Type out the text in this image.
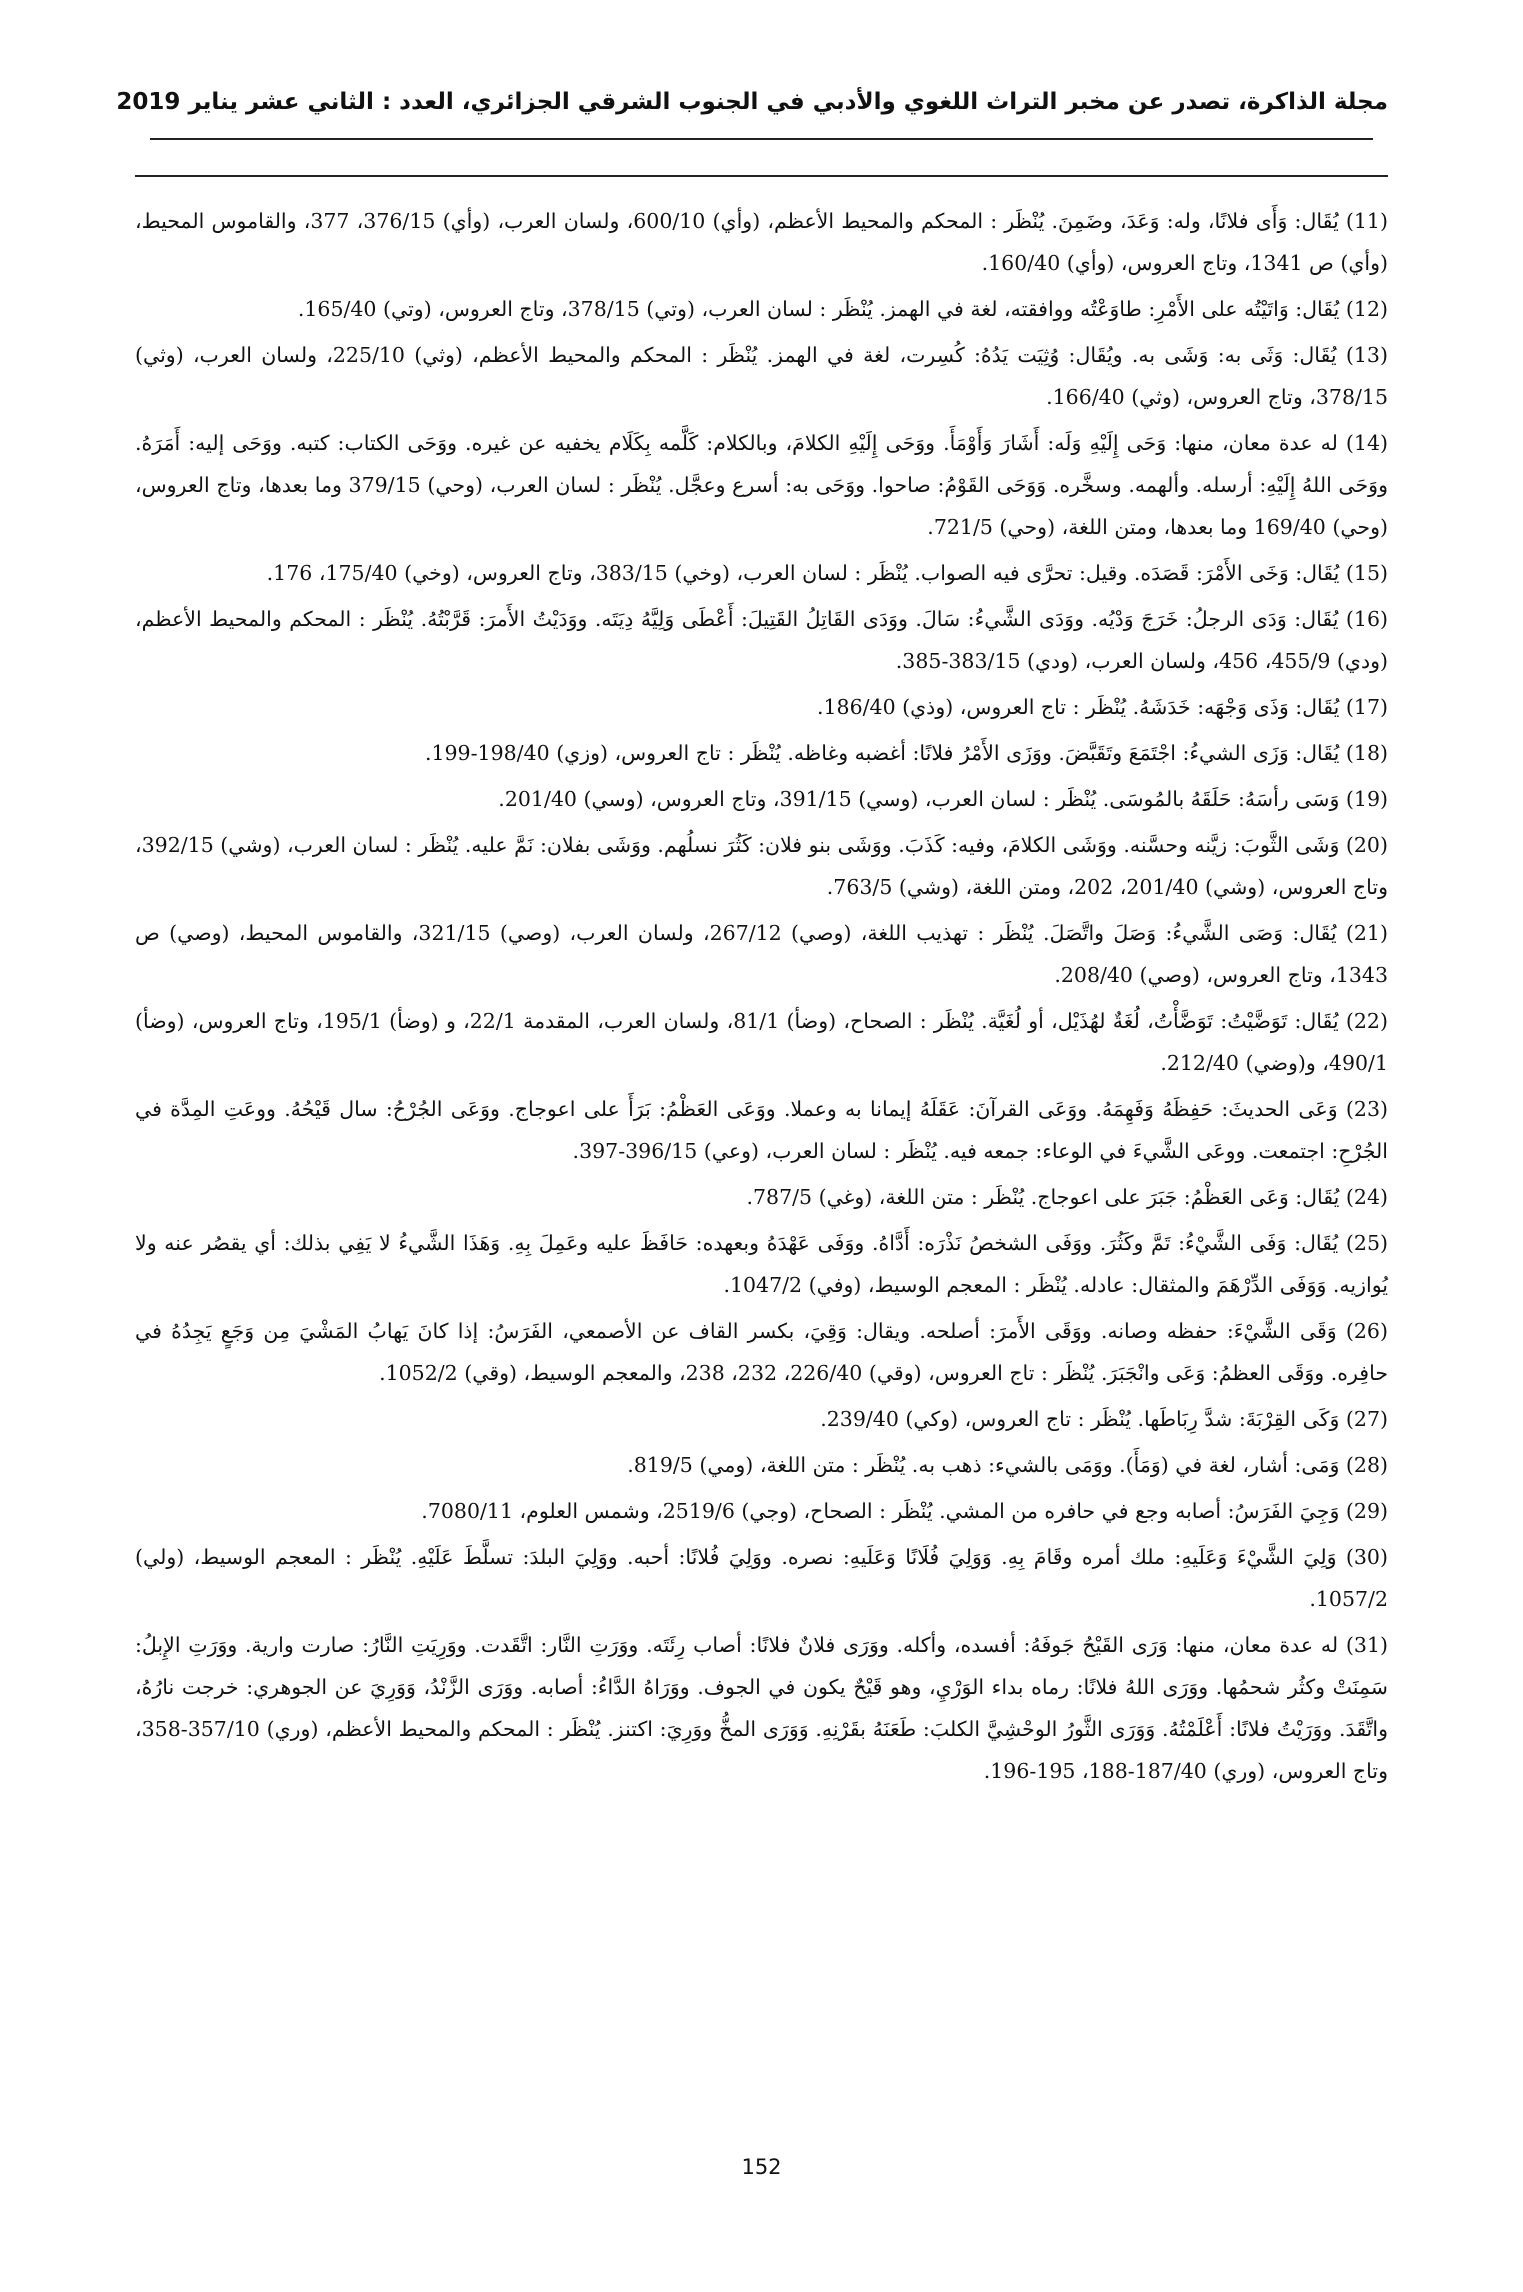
مجلة الذاكرة، تصدر عن مخبر التراث اللغوي والأدبي في الجنوب الشرقي الجزائري، العدد : الثاني عشر يناير 2019

(11) يُقَال: وَأَى فلانًا، وله: وَعَدَ، وضَمِنَ. يُنْظَر : المحكم والمحيط الأعظم، (وأي) 600/10، ولسان العرب، (وأي) 376/15، 377، والقاموس المحيط، (وأي) ص 1341، وتاج العروس، (وأي) 160/40.

(12) يُقَال: وَاتَيْتُه على الأَمْرِ: طاوَعْتُه ووافقته، لغة في الهمز. يُنْظَر : لسان العرب، (وتي) 378/15، وتاج العروس، (وتي) 165/40.

(13) يُقَال: وَثَى به: وَشَى به. ويُقَال: وُثِيَت يَدُهُ: كُسِرت، لغة في الهمز. يُنْظَر : المحكم والمحيط الأعظم، (وثي) 225/10، ولسان العرب، (وثي) 378/15، وتاج العروس، (وثي) 166/40.

(14) له عدة معان، منها: وَحَى إِلَيْهِ وَلَه: أَشَارَ وَأَوْمَأَ. ووَحَى إِلَيْهِ الكلامَ، وبالكلام: كَلَّمه بِكَلَام يخفيه عن غيره. ووَحَى الكتاب: كتبه. ووَحَى إليه: أَمَرَهُ. ووَحَى اللهُ إِلَيْهِ: أرسله. وألهمه. وسخَّره. وَوَحَى القَوْمُ: صاحوا. ووَحَى به: أسرع وعجَّل. يُنْظَر : لسان العرب، (وحي) 379/15 وما بعدها، وتاج العروس، (وحي) 169/40 وما بعدها، ومتن اللغة، (وحي) 721/5.

(15) يُقَال: وَخَى الأَمْرَ: قَصَدَه. وقيل: تحرَّى فيه الصواب. يُنْظَر : لسان العرب، (وخي) 383/15، وتاج العروس، (وخي) 175/40، 176.

(16) يُقَال: وَدَى الرجلُ: خَرَجَ وَدْيُه. ووَدَى الشَّيءُ: سَالَ. ووَدَى القَاتِلُ القَتِيلَ: أَعْطَى وَلِيَّهُ دِيَتَه. ووَدَيْتُ الأَمرَ: قَرَّبْتُهُ. يُنْظَر : المحكم والمحيط الأعظم، (ودي) 455/9، 456، ولسان العرب، (ودي) 383/15-385.

(17) يُقَال: وَذَى وَجْهَه: خَدَشَهُ. يُنْظَر : تاج العروس، (وذي) 186/40.

(18) يُقَال: وَزَى الشيءُ: اجْتَمَعَ وتَقَبَّضَ. ووَزَى الأَمْرُ فلانًا: أغضبه وغاظه. يُنْظَر : تاج العروس، (وزي) 198/40-199.

(19) وَسَى رأسَهُ: حَلَقَهُ بالمُوسَى. يُنْظَر : لسان العرب، (وسي) 391/15، وتاج العروس، (وسي) 201/40.

(20) وَشَى الثَّوبَ: زيَّنه وحسَّنه. ووَشَى الكلامَ، وفيه: كَذَبَ. ووَشَى بنو فلان: كَثُرَ نسلُهم. ووَشَى بفلان: نَمَّ عليه. يُنْظَر : لسان العرب، (وشي) 392/15، وتاج العروس، (وشي) 201/40، 202، ومتن اللغة، (وشي) 763/5.

(21) يُقَال: وَصَى الشَّيءُ: وَصَلَ واتَّصَلَ. يُنْظَر : تهذيب اللغة، (وصي) 267/12، ولسان العرب، (وصي) 321/15، والقاموس المحيط، (وصي) ص 1343، وتاج العروس، (وصي) 208/40.

(22) يُقَال: تَوَضَّيْتُ: تَوَضَّأْتُ، لُغَةٌ لهُذَيْل، أو لُغَيَّة. يُنْظَر : الصحاح، (وضأ) 81/1، ولسان العرب، المقدمة 22/1، و (وضأ) 195/1، وتاج العروس، (وضأ) 490/1، و(وضي) 212/40.

(23) وَعَى الحديثَ: حَفِظَهُ وَفَهِمَهُ. ووَعَى القرآنَ: عَقَلَهُ إيمانا به وعملا. ووَعَى العَظْمُ: بَرَأَ على اعوجاج. ووَعَى الجُرْحُ: سال قَيْحُهُ. ووعَتِ المِدَّة في الجُرْحِ: اجتمعت. ووعَى الشَّيءَ في الوعاء: جمعه فيه. يُنْظَر : لسان العرب، (وعي) 396/15-397.

(24) يُقَال: وَعَى العَظْمُ: جَبَرَ على اعوجاج. يُنْظَر : متن اللغة، (وغي) 787/5.

(25) يُقَال: وَفَى الشَّيْءُ: تَمَّ وكَثُرَ. ووَفَى الشخصُ نَذْرَه: أَدَّاهُ. ووَفَى عَهْدَهُ وبعهده: حَافَظَ عليه وعَمِلَ بِهِ. وَهَذَا الشَّيءُ لا يَفِي بذلك: أي يقصُر عنه ولا يُوازيه. وَوَفَى الدِّرْهَمَ والمثقال: عادله. يُنْظَر : المعجم الوسيط، (وفي) 1047/2.

(26) وَقَى الشَّيْءَ: حفظه وصانه. ووَقَى الأَمرَ: أصلحه. ويقال: وَقِيَ، بكسر القاف عن الأصمعي، الفَرَسُ: إذا كانَ يَهابُ المَشْيَ مِن وَجَعٍ يَجِدُهُ في حافِره. ووَقَى العظمُ: وَعَى وانْجَبَرَ. يُنْظَر : تاج العروس، (وقي) 226/40، 232، 238، والمعجم الوسيط، (وقي) 1052/2.

(27) وَكَى القِرْبَةَ: شدَّ رِبَاطَها. يُنْظَر : تاج العروس، (وكي) 239/40.

(28) وَمَى: أشار، لغة في (وَمَأَ). ووَمَى بالشيء: ذهب به. يُنْظَر : متن اللغة، (ومي) 819/5.

(29) وَجِيَ الفَرَسُ: أصابه وجع في حافره من المشي. يُنْظَر : الصحاح، (وجي) 2519/6، وشمس العلوم، 7080/11.

(30) وَلِيَ الشَّيْءَ وَعَلَيهِ: ملك أمره وقَامَ بِهِ. وَوَلِيَ فُلَانًا وَعَلَيهِ: نصره. ووَلِيَ فُلانًا: أحبه. ووَلِيَ البلدَ: تسلَّطَ عَلَيْهِ. يُنْظَر : المعجم الوسيط، (ولي) 1057/2.

(31) له عدة معان، منها: وَرَى القَيْحُ جَوفَهُ: أفسده، وأكله. ووَرَى فلانٌ فلانًا: أصاب رِئَتَه. ووَرَتِ النَّار: اتَّقَدت. ووَرِيَتِ النَّارُ: صارت وارية. ووَرَتِ الإِبلُ: سَمِنَتْ وكثُر شحمُها. ووَرَى اللهُ فلانًا: رماه بداء الوَرْيِ، وهو قَيْحٌ يكون في الجوف. ووَرَاهُ الدَّاءُ: أصابه. ووَرَى الزَّنْدُ، وَوَرِيَ عن الجوهري: خرجت نارُهُ، واتَّقَدَ. ووَرَيْتُ فلانًا: أَعْلَمْتُهُ. وَوَرَى الثَّورُ الوحْشِيَّ الكلبَ: طَعَنَهُ بقَرْنِهِ. وَوَرَى المخُّ ووَرِيَ: اكتنز. يُنْظَر : المحكم والمحيط الأعظم، (وري) 357/10-358، وتاج العروس، (وري) 187/40-188، 195-196.

152
